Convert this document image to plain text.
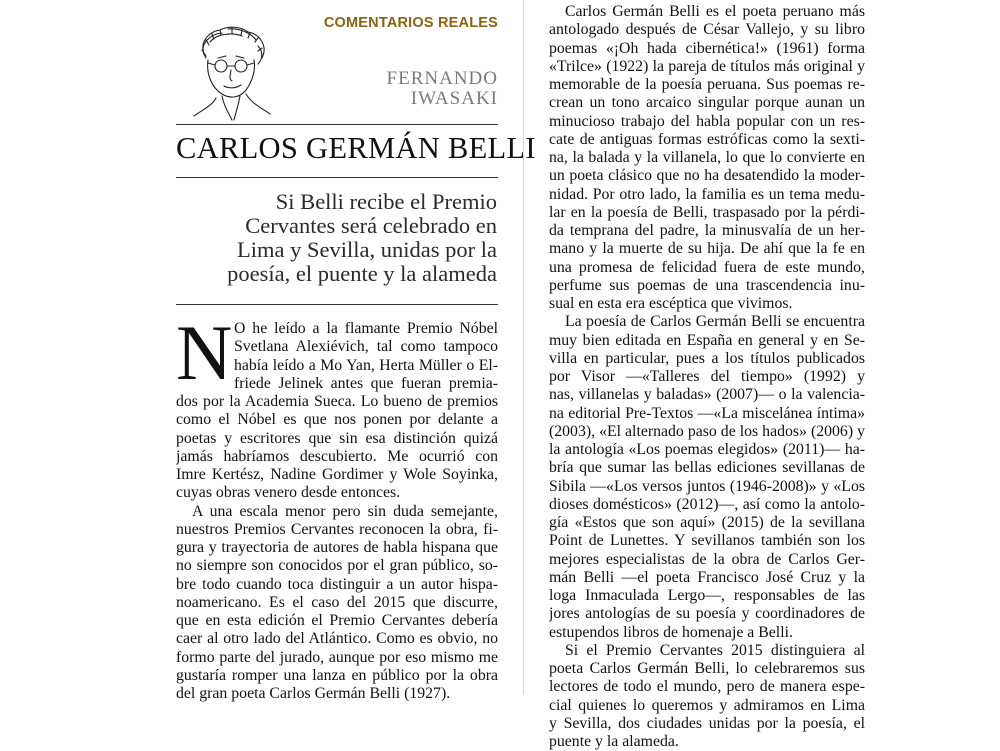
COMENTARIOS REALES
FERNANDO
IWASAKI
CARLOS GERMÁN BELLI
Si Belli recibe el Premio
Cervantes será celebrado en
Lima y Sevilla, unidas por la
poesía, el puente y la alameda
N O he leído a la flamante Premio Nóbel
Svetlana Alexiévich, tal como tampoco
había leído a Mo Yan, Herta Müller o El-
friede Jelinek antes que fueran premia-
dos por la Academia Sueca. Lo bueno de premios
como el Nóbel es que nos ponen por delante a
poetas y escritores que sin esa distinción quizá
jamás habríamos descubierto. Me ocurrió con
Imre Kertész, Nadine Gordimer y Wole Soyinka,
cuyas obras venero desde entonces.
A una escala menor pero sin duda semejante,
nuestros Premios Cervantes reconocen la obra, fi-
gura y trayectoria de autores de habla hispana que
no siempre son conocidos por el gran público, so-
bre todo cuando toca distinguir a un autor hispa-
noamericano. Es el caso del 2015 que discurre,
que en esta edición el Premio Cervantes debería
caer al otro lado del Atlántico. Como es obvio, no
formo parte del jurado, aunque por eso mismo me
gustaría romper una lanza en público por la obra
del gran poeta Carlos Germán Belli (1927).
Carlos Germán Belli es el poeta peruano más
antologado después de César Vallejo, y su libro
poemas «¡Oh hada cibernética!» (1961) forma
«Trilce» (1922) la pareja de títulos más original y
memorable de la poesía peruana. Sus poemas re-
crean un tono arcaico singular porque aunan un
minucioso trabajo del habla popular con un res-
cate de antiguas formas estróficas como la sexti-
na, la balada y la villanela, lo que lo convierte en
un poeta clásico que no ha desatendido la moder-
nidad. Por otro lado, la familia es un tema medu-
lar en la poesía de Belli, traspasado por la pérdi-
da temprana del padre, la minusvalía de un her-
mano y la muerte de su hija. De ahí que la fe en
una promesa de felicidad fuera de este mundo,
perfume sus poemas de una trascendencia inu-
sual en esta era escéptica que vivimos.
La poesía de Carlos Germán Belli se encuentra
muy bien editada en España en general y en Se-
villa en particular, pues a los títulos publicados
por Visor —«Talleres del tiempo» (1992) y
nas, villanelas y baladas» (2007)— o la valencia-
na editorial Pre-Textos —«La miscelánea íntima»
(2003), «El alternado paso de los hados» (2006) y
la antología «Los poemas elegidos» (2011)— ha-
bría que sumar las bellas ediciones sevillanas de
Sibila —«Los versos juntos (1946-2008)» y «Los
dioses domésticos» (2012)—, así como la antolo-
gía «Estos que son aquí» (2015) de la sevillana
Point de Lunettes. Y sevillanos también son los
mejores especialistas de la obra de Carlos Ger-
mán Belli —el poeta Francisco José Cruz y la
loga Inmaculada Lergo—, responsables de las
jores antologías de su poesía y coordinadores de
estupendos libros de homenaje a Belli.
Si el Premio Cervantes 2015 distinguiera al
poeta Carlos Germán Belli, lo celebraremos sus
lectores de todo el mundo, pero de manera espe-
cial quienes lo queremos y admiramos en Lima
y Sevilla, dos ciudades unidas por la poesía, el
puente y la alameda.
